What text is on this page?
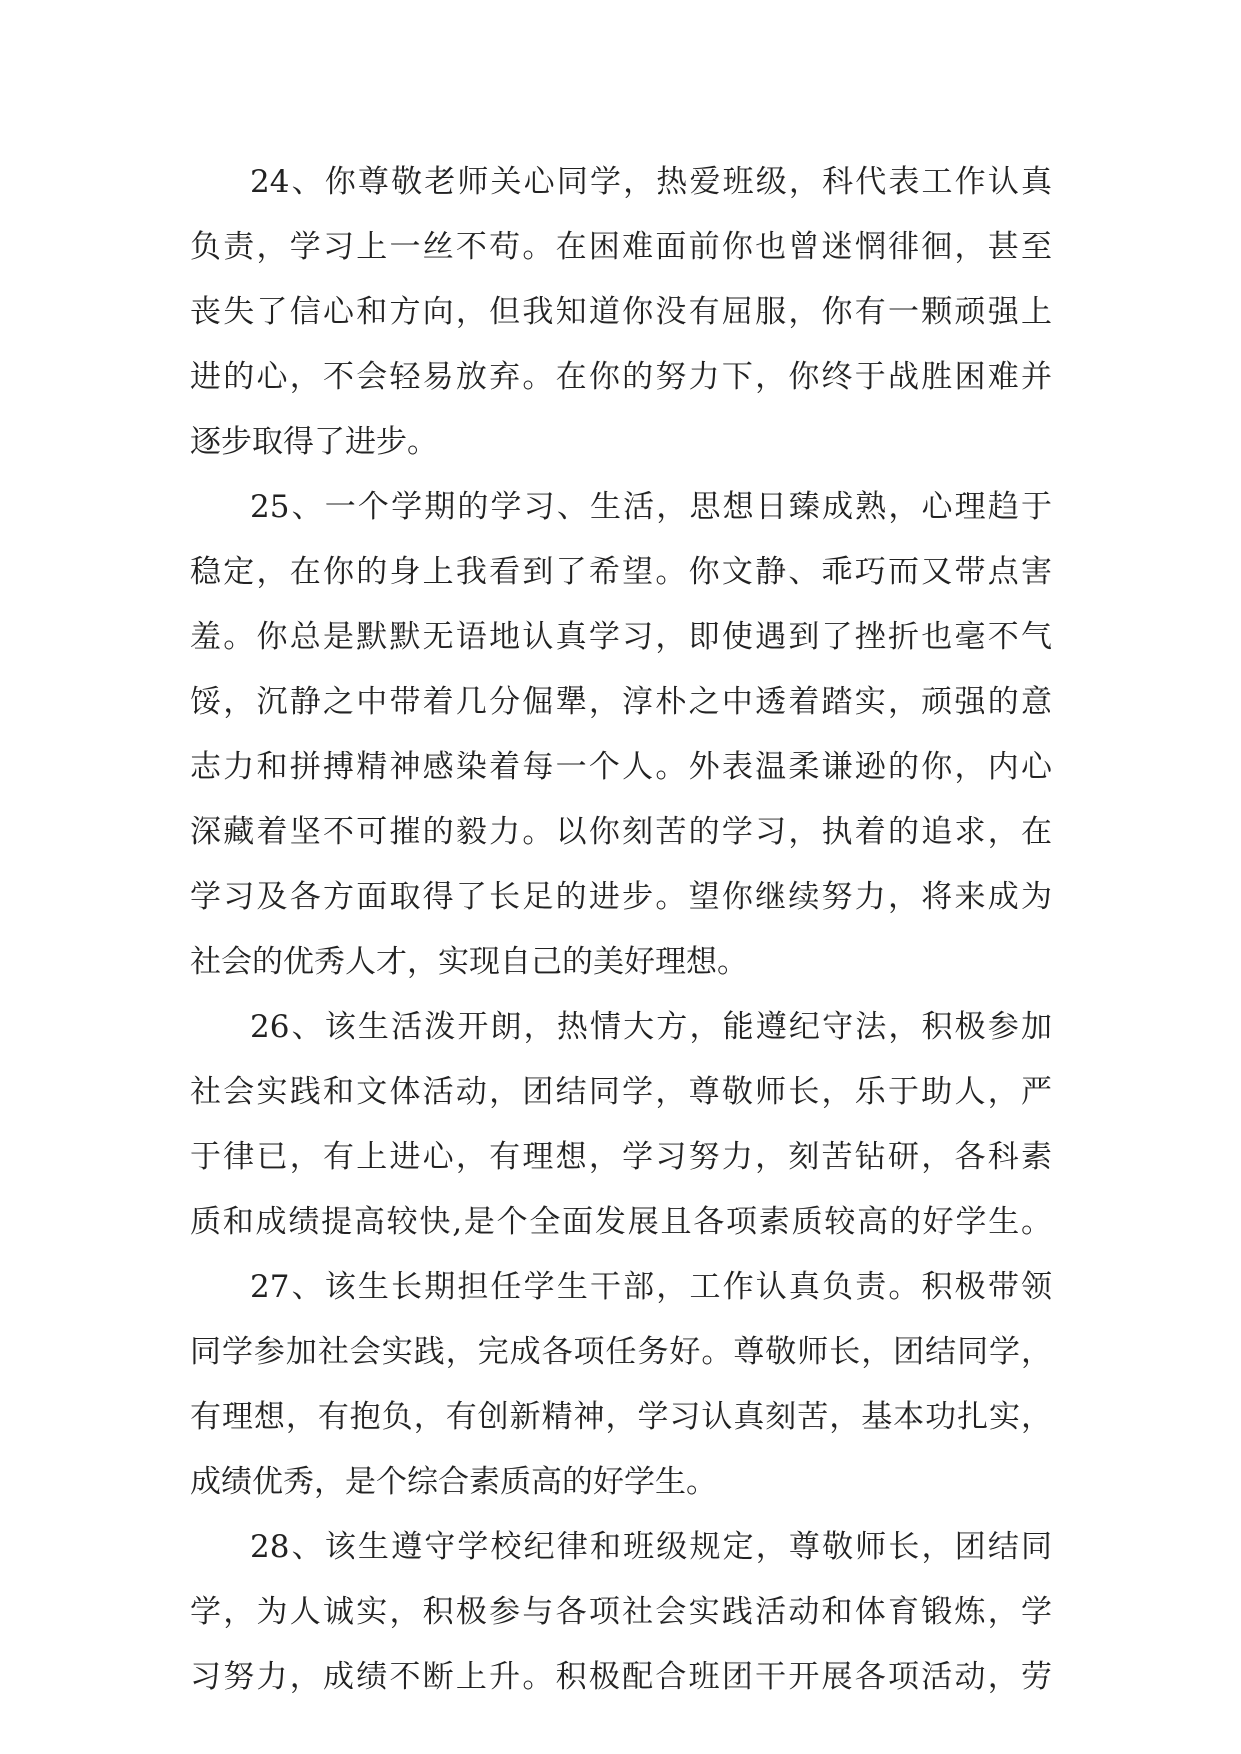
24、你尊敬老师关心同学，热爱班级，科代表工作认真
负责，学习上一丝不苟。在困难面前你也曾迷惘徘徊，甚至
丧失了信心和方向，但我知道你没有屈服，你有一颗顽强上
进的心，不会轻易放弃。在你的努力下，你终于战胜困难并
逐步取得了进步。
25、一个学期的学习、生活，思想日臻成熟，心理趋于
稳定，在你的身上我看到了希望。你文静、乖巧而又带点害
羞。你总是默默无语地认真学习，即使遇到了挫折也毫不气
馁，沉静之中带着几分倔犟，淳朴之中透着踏实，顽强的意
志力和拼搏精神感染着每一个人。外表温柔谦逊的你，内心
深藏着坚不可摧的毅力。以你刻苦的学习，执着的追求，在
学习及各方面取得了长足的进步。望你继续努力，将来成为
社会的优秀人才，实现自己的美好理想。
26、该生活泼开朗，热情大方，能遵纪守法，积极参加
社会实践和文体活动，团结同学，尊敬师长，乐于助人，严
于律已，有上进心，有理想，学习努力，刻苦钻研，各科素
质和成绩提高较快,是个全面发展且各项素质较高的好学生。
27、该生长期担任学生干部，工作认真负责。积极带领
同学参加社会实践，完成各项任务好。尊敬师长，团结同学，
有理想，有抱负，有创新精神，学习认真刻苦，基本功扎实，
成绩优秀，是个综合素质高的好学生。
28、该生遵守学校纪律和班级规定，尊敬师长，团结同
学，为人诚实，积极参与各项社会实践活动和体育锻炼，学
习努力，成绩不断上升。积极配合班团干开展各项活动，劳
